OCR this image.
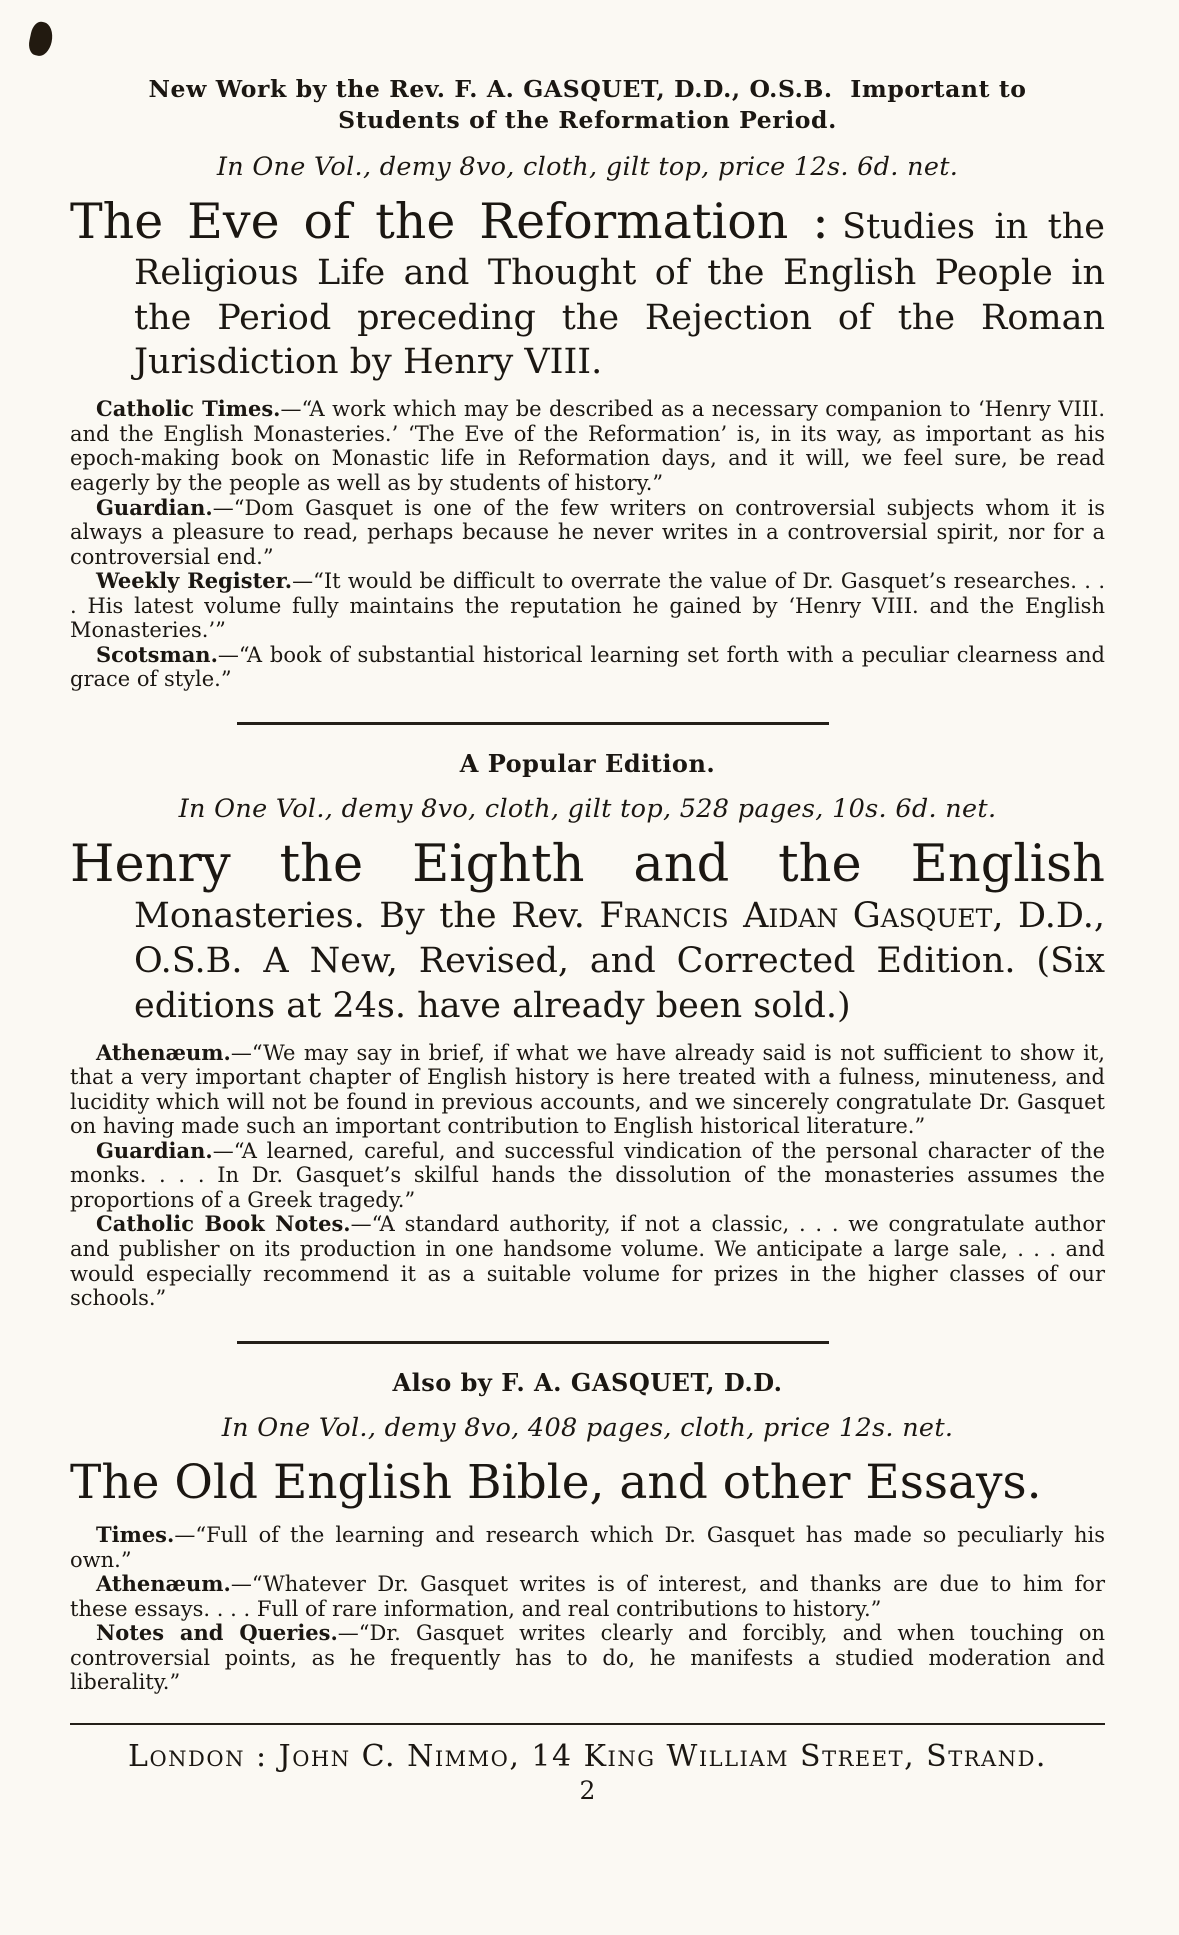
New Work by the Rev. F. A. GASQUET, D.D., O.S.B.  Important to
Students of the Reformation Period.

In One Vol., demy 8vo, cloth, gilt top, price 12s. 6d. net.

The Eve of the Reformation : Studies in the Religious Life and Thought of the English People in the Period preceding the Rejection of the Roman Jurisdiction by Henry VIII.

Catholic Times.—“A work which may be described as a necessary companion to ‘Henry VIII. and the English Monasteries.’ ‘The Eve of the Reformation’ is, in its way, as important as his epoch-making book on Monastic life in Reformation days, and it will, we feel sure, be read eagerly by the people as well as by students of history.”

Guardian.—“Dom Gasquet is one of the few writers on controversial subjects whom it is always a pleasure to read, perhaps because he never writes in a controversial spirit, nor for a controversial end.”

Weekly Register.—“It would be difficult to overrate the value of Dr. Gasquet’s researches. . . . His latest volume fully maintains the reputation he gained by ‘Henry VIII. and the English Monasteries.’”

Scotsman.—“A book of substantial historical learning set forth with a peculiar clearness and grace of style.”

A Popular Edition.

In One Vol., demy 8vo, cloth, gilt top, 528 pages, 10s. 6d. net.

Henry the Eighth and the English Monasteries. By the Rev. Francis Aidan Gasquet, D.D., O.S.B. A New, Revised, and Corrected Edition. (Six editions at 24s. have already been sold.)

Athenæum.—“We may say in brief, if what we have already said is not sufficient to show it, that a very important chapter of English history is here treated with a fulness, minuteness, and lucidity which will not be found in previous accounts, and we sincerely congratulate Dr. Gasquet on having made such an important contribution to English historical literature.”

Guardian.—“A learned, careful, and successful vindication of the personal character of the monks. . . . In Dr. Gasquet’s skilful hands the dissolution of the monasteries assumes the proportions of a Greek tragedy.”

Catholic Book Notes.—“A standard authority, if not a classic, . . . we congratulate author and publisher on its production in one handsome volume. We anticipate a large sale, . . . and would especially recommend it as a suitable volume for prizes in the higher classes of our schools.”

Also by F. A. GASQUET, D.D.

In One Vol., demy 8vo, 408 pages, cloth, price 12s. net.

The Old English Bible, and other Essays.

Times.—“Full of the learning and research which Dr. Gasquet has made so peculiarly his own.”

Athenæum.—“Whatever Dr. Gasquet writes is of interest, and thanks are due to him for these essays. . . . Full of rare information, and real contributions to history.”

Notes and Queries.—“Dr. Gasquet writes clearly and forcibly, and when touching on controversial points, as he frequently has to do, he manifests a studied moderation and liberality.”

London : John C. Nimmo, 14 King William Street, Strand.

2
